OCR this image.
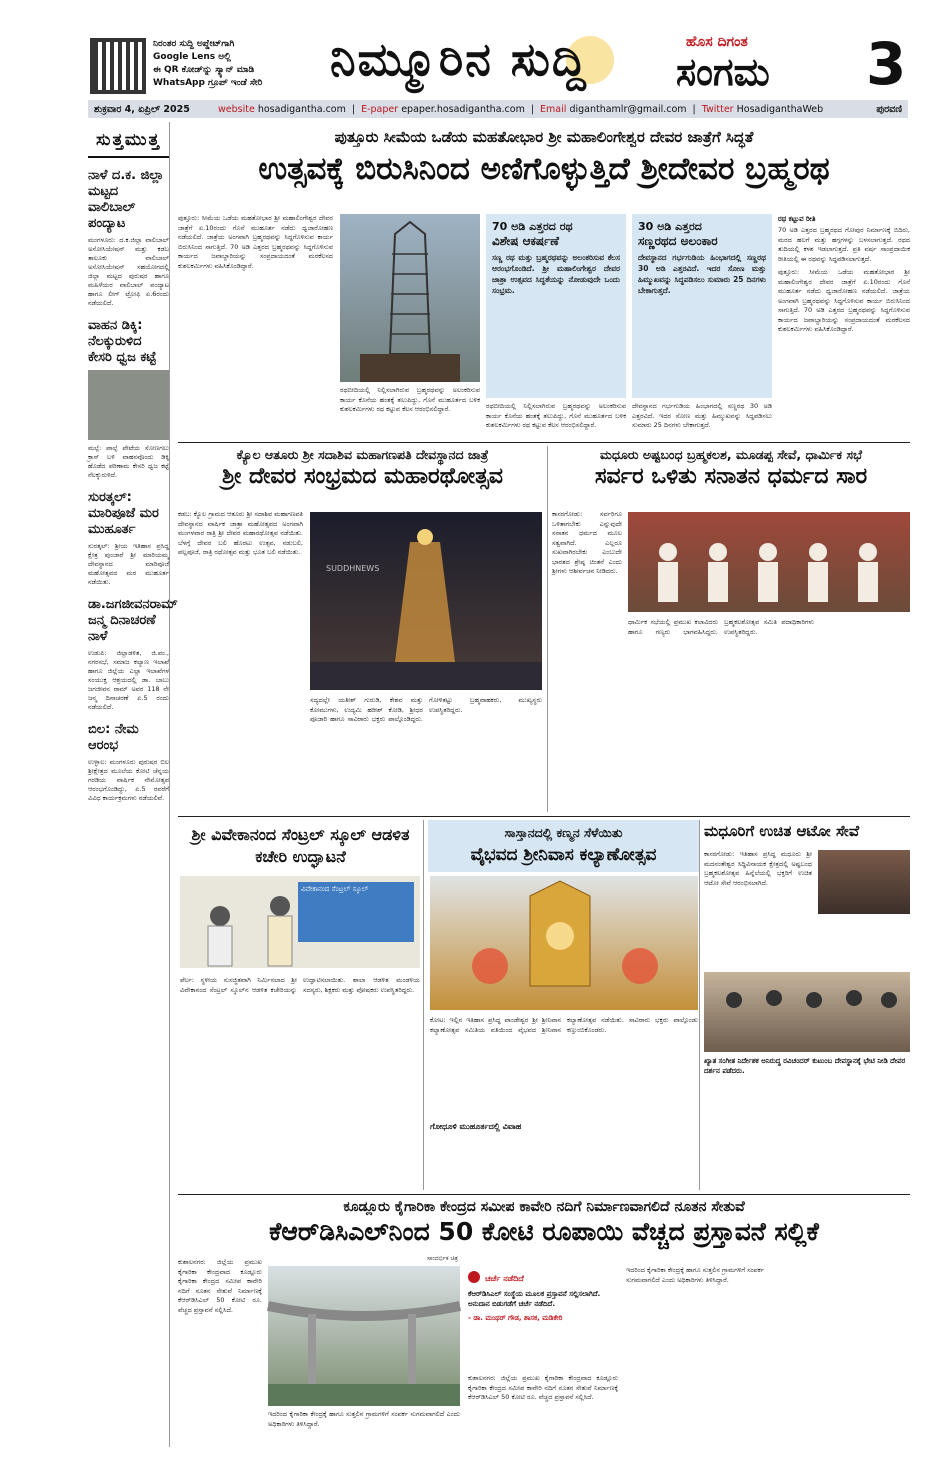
ನಿರಂತರ ಸುದ್ದಿ ಅಪ್ಡೇಟ್‌ಗಾಗಿ
Google Lens ಅಲ್ಲಿ
ಈ QR ಕೋಡ್‌ನ್ನು ಸ್ಕ್ಯಾನ್ ಮಾಡಿ
WhatsApp ಗ್ರೂಪ್ ಇಂಡೆ ಸೇರಿ	ನಿಮ್ಮೂರಿನ ಸುದ್ದಿ	ಹೊಸ ದಿಗಂತ
ಸಂಗಮ 3
ಶುಕ್ರವಾರ 4, ಏಪ್ರಿಲ್ 2025	website hosadigantha.com | E-paper epaper.hosadigantha.com | Email diganthamlr@gmail.com | Twitter HosadiganthaWeb	ಪುರವಣಿ
ಸುತ್ತಮುತ್ತ
ನಾಳೆ ದ.ಕ. ಜಿಲ್ಲಾ ಮಟ್ಟದ ವಾಲಿಬಾಲ್ ಪಂದ್ಯಾಟ
ಮಂಗಳೂರು: ದ.ಕ.ಜಿಲ್ಲಾ ವಾಲಿಬಾಲ್ ಅಸೋಸಿಯೇಷನ್ ಮತ್ತು ಕಡಬ ತಾಲೂಕು ವಾಲಿಬಾಲ್ ಅಸೋಸಿಯೇಷನ್ ಸಹಯೋಗದಲ್ಲಿ ಜಿಲ್ಲಾ ಮಟ್ಟದ ಪುರುಷರ ಹಾಗೂ ಮಹಿಳೆಯರ ವಾಲಿಬಾಲ್ ಪಂದ್ಯಾಟ ಹಾಗೂ ಲೀಗ್ ಟ್ರೋಫಿ ಏ.6ರಂದು ನಡೆಯಲಿದೆ.
ವಾಹನ ಡಿಕ್ಕಿ: ನೆಲಕ್ಕುರುಳಿದ ಕೇಸರಿ ಧ್ವಜ ಕಟ್ಟೆ
ಮಲ್ಪೆ: ಪಾಲ್ಪೆ ಪೇಟೆಯ ಸೋಣಗಲು ಕ್ರಾಸ್ ಬಳಿ ವಾಹನವೊಂದು ಡಿಕ್ಕಿ ಹೊಡೆದ ಪರಿಣಾಮ ಕೇಸರಿ ಧ್ವಜ ಕಟ್ಟೆ ನೆಲಕ್ಕುರುಳಿದೆ.
ಸುರತ್ಕಲ್: ಮಾರಿಪೂಜೆ ಮರ ಮುಹೂರ್ತ
ಸುರತ್ಕಲ್: ಶ್ರೀಯ ಇತಿಹಾಸ ಪ್ರಸಿದ್ಧ ಕ್ಷೇತ್ರ ಪುಂಜಾರೆ ಶ್ರೀ ಮಾರಿಯಮ್ಮ ದೇವಸ್ಥಾನದ ಮಾರಿಪೂಜೆ ಮಹೋತ್ಸವದ ಮರ ಮುಹೂರ್ತ ನಡೆಯಿತು.
ಡಾ.ಜಗಜೀವನರಾಮ್ ಜನ್ಮ ದಿನಾಚರಣೆ ನಾಳೆ
ಉಡುಪಿ: ಜಿಲ್ಲಾಡಳಿತ, ಜಿ.ಪಂ., ನಗರಸಭೆ, ಸಮಾಜ ಕಲ್ಯಾಣ ಇಲಾಖೆ ಹಾಗೂ ಜಿಲ್ಲೆಯ ಎಲ್ಲಾ ಇಲಾಖೆಗಳ ಸಂಯುಕ್ತ ಆಶ್ರಯದಲ್ಲಿ ಡಾ. ಬಾಬು ಜಗಜೀವನ ರಾಮ್ ಅವರ 118 ನೇ ಜನ್ಮ ದಿನಾಚರಣೆ ಏ.5 ರಂದು ನಡೆಯಲಿದೆ.
ಬಿಲ: ನೇಮ ಆರಂಭ
ಉಳ್ಳಾಲ: ಮಂಗಳೂರು ಪುರುಷರ ಬಿಲ ಶ್ರೀಕ್ಷೇತ್ರದ ಮೂಲೆಯ ಕೋಟಿ ಚೆನ್ನಯ ಗರಡಿಯ ವಾರ್ಷಿಕ ನೇಮೋತ್ಸವ ಆರಂಭಗೊಂಡಿದ್ದು, ಏ.5 ರವರೆಗೆ ವಿವಿಧ ಕಾರ್ಯಕ್ರಮಗಳು ನಡೆಯಲಿವೆ.
ಪುತ್ತೂರು ಸೀಮೆಯ ಒಡೆಯ ಮಹತೋಭಾರ ಶ್ರೀ ಮಹಾಲಿಂಗೇಶ್ವರ ದೇವರ ಜಾತ್ರೆಗೆ ಸಿದ್ಧತೆ
ಉತ್ಸವಕ್ಕೆ ಬಿರುಸಿನಿಂದ ಅಣಿಗೊಳ್ಳುತ್ತಿದೆ ಶ್ರೀದೇವರ ಬ್ರಹ್ಮರಥ
ಪುತ್ತೂರು: ಸೀಮೆಯ ಒಡೆಯ ಮಹತೋಭಾರ ಶ್ರೀ ಮಹಾಲಿಂಗೇಶ್ವರ ದೇವರ ಜಾತ್ರೆಗೆ ಏ.10ರಂದು ಗೊನೆ ಮುಹೂರ್ತ ನಡೆದು ಧ್ವಜಾರೋಹಣ ನಡೆಯಲಿದೆ. ಜಾತ್ರೆಯ ಅಂಗವಾಗಿ ಬ್ರಹ್ಮರಥವನ್ನು ಸಿದ್ಧಗೊಳಿಸುವ ಕಾರ್ಯ ಬಿರುಸಿನಿಂದ ಸಾಗುತ್ತಿದೆ. 70 ಅಡಿ ಎತ್ತರದ ಬ್ರಹ್ಮರಥವನ್ನು ಸಿದ್ಧಗೊಳಿಸುವ ಕಾರ್ಯದ ಜವಾಬ್ದಾರಿಯನ್ನು ಸಂಪ್ರದಾಯದಂತೆ ಮರಕೆಲಸದ ಕುಶಲಕರ್ಮಿಗಳು ವಹಿಸಿಕೊಂಡಿದ್ದಾರೆ.
ರಥಬೀದಿಯಲ್ಲಿ ನಿಲ್ಲಿಸಲಾಗಿರುವ ಬ್ರಹ್ಮರಥವನ್ನು ಅಲಂಕರಿಸುವ ಕಾರ್ಯ ಕೊನೆಯ ಹಂತಕ್ಕೆ ತಲುಪಿದ್ದು, ಗೊನೆ ಮುಹೂರ್ತದ ಬಳಿಕ ಕುಶಲಕರ್ಮಿಗಳು ರಥ ಕಟ್ಟುವ ಕೆಲಸ ಆರಂಭಿಸಲಿದ್ದಾರೆ.
70 ಅಡಿ ಎತ್ತರದ ರಥ
ವಿಶೇಷ ಆಕರ್ಷಣೆ
ಸಣ್ಣ ರಥ ಮತ್ತು ಬ್ರಹ್ಮರಥವನ್ನು ಅಲಂಕರಿಸುವ ಕೆಲಸ ಆರಂಭಗೊಂಡಿದೆ. ಶ್ರೀ ಮಹಾಲಿಂಗೇಶ್ವರ ದೇವರ ಜಾತ್ರಾ ಉತ್ಸವದ ಸಿದ್ಧತೆಯನ್ನು ನೋಡುವುದೇ ಒಂದು ಸಂಭ್ರಮ.
ರಥಬೀದಿಯಲ್ಲಿ ನಿಲ್ಲಿಸಲಾಗಿರುವ ಬ್ರಹ್ಮರಥವನ್ನು ಅಲಂಕರಿಸುವ ಕಾರ್ಯ ಕೊನೆಯ ಹಂತಕ್ಕೆ ತಲುಪಿದ್ದು, ಗೊನೆ ಮುಹೂರ್ತದ ಬಳಿಕ ಕುಶಲಕರ್ಮಿಗಳು ರಥ ಕಟ್ಟುವ ಕೆಲಸ ಆರಂಭಿಸಲಿದ್ದಾರೆ.
30 ಅಡಿ ಎತ್ತರದ
ಸಣ್ಣರಥದ ಅಲಂಕಾರ
ದೇವಸ್ಥಾನದ ಗರ್ಭಗುಡಿಯ ಹಿಂಭಾಗದಲ್ಲಿ ಸಣ್ಣರಥ 30 ಅಡಿ ಎತ್ತರವಿದೆ. ಇದರ ಸೋಣ ಮತ್ತು ಹಿಮ್ಮುಖವನ್ನು ಸಿದ್ಧಪಡಿಸಲು ಸುಮಾರು 25 ದಿನಗಳು ಬೇಕಾಗುತ್ತದೆ.
ದೇವಸ್ಥಾನದ ಗರ್ಭಗುಡಿಯ ಹಿಂಭಾಗದಲ್ಲಿ ಸಣ್ಣರಥ 30 ಅಡಿ ಎತ್ತರವಿದೆ. ಇದರ ಸೋಣ ಮತ್ತು ಹಿಮ್ಮುಖವನ್ನು ಸಿದ್ಧಪಡಿಸಲು ಸುಮಾರು 25 ದಿನಗಳು ಬೇಕಾಗುತ್ತದೆ.
ರಥ ಕಟ್ಟುವ ರೀತಿ
70 ಅಡಿ ಎತ್ತರದ ಬ್ರಹ್ಮರಥದ ಗೋಪುರ ನಿರ್ಮಾಣಕ್ಕೆ ಬಿದಿರು, ಮರದ ಹಲಗೆ ಮತ್ತು ಹಗ್ಗಗಳನ್ನು ಬಳಸಲಾಗುತ್ತದೆ. ರಥದ ತುದಿಯಲ್ಲಿ ಕಳಶ ಇಡಲಾಗುತ್ತದೆ. ಪ್ರತಿ ವರ್ಷ ಸಾಂಪ್ರದಾಯಿಕ ರೀತಿಯಲ್ಲಿ ಈ ರಥವನ್ನು ಸಿದ್ಧಪಡಿಸಲಾಗುತ್ತದೆ.
ಪುತ್ತೂರು: ಸೀಮೆಯ ಒಡೆಯ ಮಹತೋಭಾರ ಶ್ರೀ ಮಹಾಲಿಂಗೇಶ್ವರ ದೇವರ ಜಾತ್ರೆಗೆ ಏ.10ರಂದು ಗೊನೆ ಮುಹೂರ್ತ ನಡೆದು ಧ್ವಜಾರೋಹಣ ನಡೆಯಲಿದೆ. ಜಾತ್ರೆಯ ಅಂಗವಾಗಿ ಬ್ರಹ್ಮರಥವನ್ನು ಸಿದ್ಧಗೊಳಿಸುವ ಕಾರ್ಯ ಬಿರುಸಿನಿಂದ ಸಾಗುತ್ತಿದೆ. 70 ಅಡಿ ಎತ್ತರದ ಬ್ರಹ್ಮರಥವನ್ನು ಸಿದ್ಧಗೊಳಿಸುವ ಕಾರ್ಯದ ಜವಾಬ್ದಾರಿಯನ್ನು ಸಂಪ್ರದಾಯದಂತೆ ಮರಕೆಲಸದ ಕುಶಲಕರ್ಮಿಗಳು ವಹಿಸಿಕೊಂಡಿದ್ದಾರೆ.
ಕ್ಯೊಲ ಆತೂರು ಶ್ರೀ ಸದಾಶಿವ ಮಹಾಗಣಪತಿ ದೇವಸ್ಥಾನದ ಜಾತ್ರೆ
ಶ್ರೀ ದೇವರ ಸಂಭ್ರಮದ ಮಹಾರಥೋತ್ಸವ
ಕಡಬ: ಕ್ಯೊಲ ಗ್ರಾಮದ ಆತೂರು ಶ್ರೀ ಸದಾಶಿವ ಮಹಾಗಣಪತಿ ದೇವಸ್ಥಾನದ ವಾರ್ಷಿಕ ಜಾತ್ರಾ ಮಹೋತ್ಸವದ ಅಂಗವಾಗಿ ಮಂಗಳವಾರ ರಾತ್ರಿ ಶ್ರೀ ದೇವರ ಮಹಾರಥೋತ್ಸವ ನಡೆಯಿತು. ಬೆಳಗ್ಗೆ ದೇವರ ಬಲಿ ಹೊರಟು ಉತ್ಸವ, ನಡುಬಲಿ, ಪಲ್ಲಪೂಜೆ, ರಾತ್ರಿ ರಥೋತ್ಸವ ಮತ್ತು ಭೂತ ಬಲಿ ನಡೆಯಿತು.
SUDDHNEWS
ಸದ್ಯದಲ್ಲೇ ಯತೀಶ್ ಗುರುಡಿ, ಕೇಶವ ಮತ್ತು ಕೋಮುಗಳು, ಉದ್ಯಮಿ ಹರೀಶ್ ಕೋಡಿ, ಶ್ರೀಧರ ಪೂಜಾರಿ ಹಾಗೂ ಸಾವಿರಾರು ಭಕ್ತರು ಪಾಲ್ಗೊಂಡಿದ್ದರು. ಗೋಳಿತಟ್ಟು ಬ್ರಹ್ಮವಾಹಕರು, ಮುಖ್ಯಸ್ಥರು ಉಪಸ್ಥಿತರಿದ್ದರು.
ಮಧೂರು ಅಷ್ಟಬಂಧ ಬ್ರಹ್ಮಕಲಶ, ಮೂಡಪ್ಪ ಸೇವೆ, ಧಾರ್ಮಿಕ ಸಭೆ
ಸರ್ವರ ಒಳಿತು ಸನಾತನ ಧರ್ಮದ ಸಾರ
ಕಾಸರಗೋಡು: ಸರ್ವರಿಗೂ ಒಳಿತಾಗಬೇಕು ಎನ್ನುವುದೇ ಸನಾತನ ಧರ್ಮದ ಮೂಲ ಸತ್ವವಾಗಿದೆ. ಎಲ್ಲರೂ ಸುಖವಾಗಿರಬೇಕು ಎಂಬುದೇ ಭಾರತದ ಶ್ರೇಷ್ಠ ಚಿಂತನೆ ಎಂದು ಶ್ರೀಗಳು ಆಶೀರ್ವಚನ ನೀಡಿದರು.
ಧಾರ್ಮಿಕ ಸಭೆಯಲ್ಲಿ ಪ್ರಮುಖ ಕಲಾವಿದರು ಹಾಗೂ ಗಣ್ಯರು ಭಾಗವಹಿಸಿದ್ದರು. ಬ್ರಹ್ಮಕಲಶೋತ್ಸವ ಸಮಿತಿ ಪದಾಧಿಕಾರಿಗಳು ಉಪಸ್ಥಿತರಿದ್ದರು.
ಶ್ರೀ ವಿವೇಕಾನಂದ ಸೆಂಟ್ರಲ್ ಸ್ಕೂಲ್ ಆಡಳಿತ ಕಚೇರಿ ಉದ್ಘಾಟನೆ
ವಿವೇಕಾನಂದ ಸೆಂಟ್ರಲ್ ಸ್ಕೂಲ್
ಪೆರ್ಲ: ಸ್ಥಳೀಯ ಸುಸಜ್ಜಿತವಾಗಿ ನಿರ್ಮಿಸಲಾದ ಶ್ರೀ ವಿವೇಕಾನಂದ ಸೆಂಟ್ರಲ್ ಸ್ಕೂಲ್‌ನ ಆಡಳಿತ ಕಚೇರಿಯನ್ನು ಉದ್ಘಾಟಿಸಲಾಯಿತು. ಶಾಲಾ ಆಡಳಿತ ಮಂಡಳಿಯ ಸದಸ್ಯರು, ಶಿಕ್ಷಕರು ಮತ್ತು ಪೋಷಕರು ಉಪಸ್ಥಿತರಿದ್ದರು.
ಸಾಸ್ತಾನದಲ್ಲಿ ಕಣ್ಮನ ಸೆಳೆಯಿತು
ವೈಭವದ ಶ್ರೀನಿವಾಸ ಕಲ್ಯಾಣೋತ್ಸವ
ಕೋಟ: ಇಲ್ಲಿನ ಇತಿಹಾಸ ಪ್ರಸಿದ್ಧ ಪಾಂಡೇಶ್ವರ ಶ್ರೀ ಶ್ರೀನಿವಾಸ ಕಲ್ಯಾಣೋತ್ಸವ ಸಮಿತಿಯ ವತಿಯಿಂದ ವೈಭವದ ಶ್ರೀನಿವಾಸ ಕಲ್ಯಾಣೋತ್ಸವ ನಡೆಯಿತು. ಸಾವಿರಾರು ಭಕ್ತರು ಪಾಲ್ಗೊಂಡು ಕಣ್ತುಂಬಿಕೊಂಡರು.
ಗೋಧೂಳಿ ಮುಹೂರ್ತದಲ್ಲಿ ವಿವಾಹ
ಮಧೂರಿಗೆ ಉಚಿತ ಆಟೋ ಸೇವೆ
ಕಾಸರಗೋಡು: ಇತಿಹಾಸ ಪ್ರಸಿದ್ಧ ಮಧೂರು ಶ್ರೀ ಮದನಂತೇಶ್ವರ ಸಿದ್ಧಿವಿನಾಯಕ ಕ್ಷೇತ್ರದಲ್ಲಿ ಅಷ್ಟಬಂಧ ಬ್ರಹ್ಮಕಲಶೋತ್ಸವ ಹಿನ್ನೆಲೆಯಲ್ಲಿ ಭಕ್ತರಿಗೆ ಉಚಿತ ಆಟೋ ಸೇವೆ ಆರಂಭಿಸಲಾಗಿದೆ.
ಖ್ಯಾತ ಸಂಗೀತ ನಿರ್ದೇಶಕ ಅನಿರುದ್ಧ ರವಿಚಂದರ್ ಕುಟುಂಬ ದೇವಸ್ಥಾನಕ್ಕೆ ಭೇಟಿ ನೀಡಿ ದೇವರ ದರ್ಶನ ಪಡೆದರು.
ಕೂಡ್ಲೂರು ಕೈಗಾರಿಕಾ ಕೇಂದ್ರದ ಸಮೀಪ ಕಾವೇರಿ ನದಿಗೆ ನಿರ್ಮಾಣವಾಗಲಿದೆ ನೂತನ ಸೇತುವೆ
ಕೆಆರ್‌ಡಿಸಿಎಲ್‌ನಿಂದ 50 ಕೋಟಿ ರೂಪಾಯಿ ವೆಚ್ಚದ ಪ್ರಸ್ತಾವನೆ ಸಲ್ಲಿಕೆ
ಕುಶಾಲನಗರ: ಜಿಲ್ಲೆಯ ಪ್ರಮುಖ ಕೈಗಾರಿಕಾ ಕೇಂದ್ರವಾದ ಕೂಡ್ಲೂರು ಕೈಗಾರಿಕಾ ಕೇಂದ್ರದ ಸಮೀಪ ಕಾವೇರಿ ನದಿಗೆ ನೂತನ ಸೇತುವೆ ನಿರ್ಮಾಣಕ್ಕೆ ಕೆಆರ್‌ಡಿಸಿಎಲ್ 50 ಕೋಟಿ ರೂ. ವೆಚ್ಚದ ಪ್ರಸ್ತಾವನೆ ಸಲ್ಲಿಸಿದೆ.
ಸಾಂದರ್ಭಿಕ ಚಿತ್ರ
ಇದರಿಂದ ಕೈಗಾರಿಕಾ ಕೇಂದ್ರಕ್ಕೆ ಹಾಗೂ ಸುತ್ತಲಿನ ಗ್ರಾಮಗಳಿಗೆ ಸಂಪರ್ಕ ಸುಗಮವಾಗಲಿದೆ ಎಂದು ಅಧಿಕಾರಿಗಳು ತಿಳಿಸಿದ್ದಾರೆ.
ಚರ್ಚೆ ನಡೆದಿದೆ
ಕೆಆರ್‌ಡಿಸಿಎಲ್ ಸಂಸ್ಥೆಯ ಮೂಲಕ ಪ್ರಸ್ತಾವನೆ ಸಲ್ಲಿಸಲಾಗಿದೆ. ಅನುದಾನ ಬಿಡುಗಡೆಗೆ ಚರ್ಚೆ ನಡೆದಿದೆ.
- ಡಾ. ಮಂಥರ್ ಗೌಡ, ಶಾಸಕ, ಮಡಿಕೇರಿ
ಕುಶಾಲನಗರ: ಜಿಲ್ಲೆಯ ಪ್ರಮುಖ ಕೈಗಾರಿಕಾ ಕೇಂದ್ರವಾದ ಕೂಡ್ಲೂರು ಕೈಗಾರಿಕಾ ಕೇಂದ್ರದ ಸಮೀಪ ಕಾವೇರಿ ನದಿಗೆ ನೂತನ ಸೇತುವೆ ನಿರ್ಮಾಣಕ್ಕೆ ಕೆಆರ್‌ಡಿಸಿಎಲ್ 50 ಕೋಟಿ ರೂ. ವೆಚ್ಚದ ಪ್ರಸ್ತಾವನೆ ಸಲ್ಲಿಸಿದೆ.
ಇದರಿಂದ ಕೈಗಾರಿಕಾ ಕೇಂದ್ರಕ್ಕೆ ಹಾಗೂ ಸುತ್ತಲಿನ ಗ್ರಾಮಗಳಿಗೆ ಸಂಪರ್ಕ ಸುಗಮವಾಗಲಿದೆ ಎಂದು ಅಧಿಕಾರಿಗಳು ತಿಳಿಸಿದ್ದಾರೆ.
